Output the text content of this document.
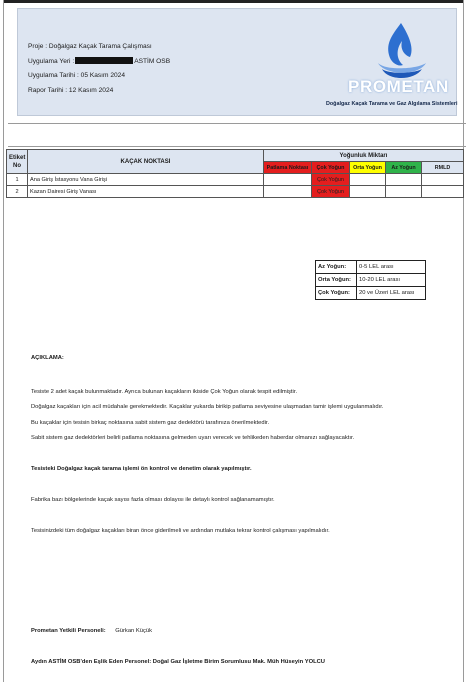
Proje : Doğalgaz Kaçak Tarama Çalışması
Uygulama Yeri :	ASTİM OSB
Uygulama Tarihi : 05 Kasım 2024
Rapor Tarihi : 12 Kasım 2024	PROMETAN
Doğalgaz Kaçak Tarama ve Gaz Algılama Sistemleri
Etiket No	KAÇAK NOKTASI	Yoğunluk Miktarı				
		Patlama Noktası	Çok Yoğun	Orta Yoğun	Az Yoğun	RMLD
1	Ana Giriş İstasyonu Vana Girişi		Çok Yoğun			
2	Kazan Dairesi Giriş Vanası		Çok Yoğun			
Az Yoğun:	0-5 LEL arası
Orta Yoğun:	10-20 LEL arası
Çok Yoğun:	20 ve Üzeri LEL arası
AÇIKLAMA:
Tesiste 2 adet kaçak bulunmaktadır. Ayrıca bulunan kaçakların ikiside Çok Yoğun olarak tespit edilmiştir.
Doğalgaz kaçakları için acil müdahale gerekmektedir. Kaçaklar yukarda birikip patlama seviyesine ulaşmadan tamir işlemi uygulanmalıdır.
Bu kaçaklar için tesisin birkaç noktasına sabit sistem gaz dedektörü tarafınıza önerilmektedir.
Sabit sistem gaz dedektörleri belirli patlama noktasına gelmeden uyarı verecek ve tehlikeden haberdar olmanızı sağlayacaktır.
Tesisteki Doğalgaz kaçak tarama işlemi ön kontrol ve denetim olarak yapılmıştır.
Fabrika bazı bölgelerinde kaçak sayısı fazla olması dolayısı ile detaylı kontrol sağlanamamıştır.
Tesisinizdeki tüm doğalgaz kaçakları biran önce giderilmeli ve ardından mutlaka tekrar kontrol çalışması yapılmalıdır.
Prometan Yetkili Personeli: Gürkan Küçük
Aydın ASTİM OSB'den Eşlik Eden Personel: Doğal Gaz İşletme Birim Sorumlusu Mak. Müh Hüseyin YOLCU
